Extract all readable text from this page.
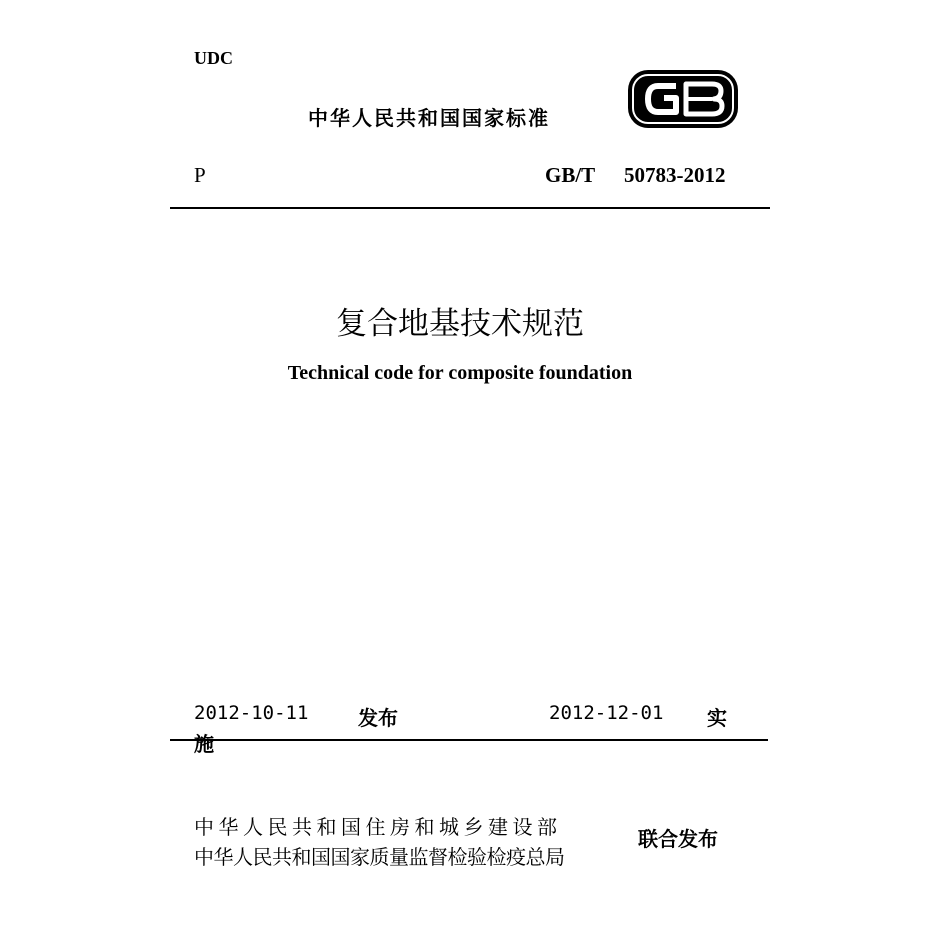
UDC
中华人民共和国国家标准
P	GB/T 50783-2012
复合地基技术规范
Technical code for composite foundation
2012-10-11 发布	2012-12-01 实
施
中华人民共和国住房和城乡建设部
中华人民共和国国家质量监督检验检疫总局
联合发布
